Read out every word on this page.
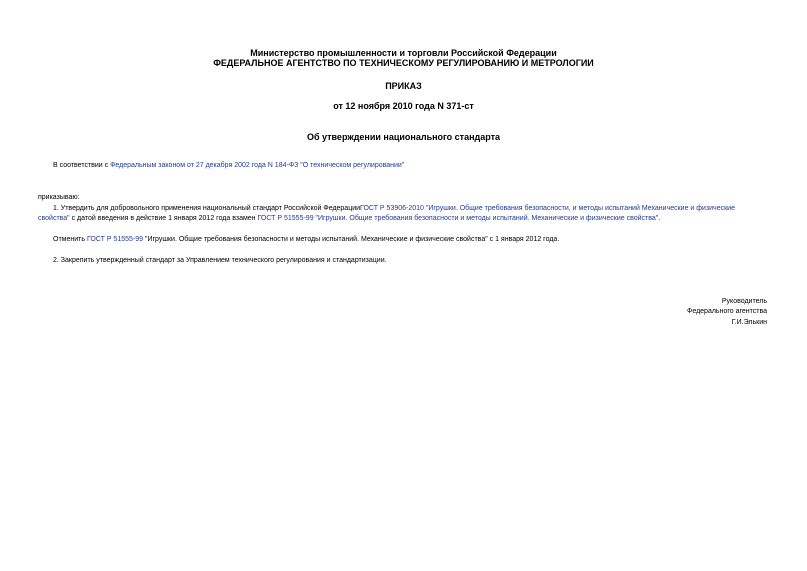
Министерство промышленности и торговли Российской Федерации
ФЕДЕРАЛЬНОЕ АГЕНТСТВО ПО ТЕХНИЧЕСКОМУ РЕГУЛИРОВАНИЮ И МЕТРОЛОГИИ
ПРИКАЗ
от 12 ноября 2010 года N 371-ст
Об утверждении национального стандарта
В соответствии с Федеральным законом от 27 декабря 2002 года N 184-ФЗ "О техническом регулировании"
приказываю:
1. Утвердить для добровольного применения национальный стандарт Российской ФедерацииГОСТ Р 53906-2010 "Игрушки. Общие требования безопасности, и методы испытаний Механические и физические
свойства" с датой введения в действие 1 января 2012 года взамен ГОСТ Р 51555-99 "Игрушки. Общие требования безопасности и методы испытаний. Механические и физические свойства".
Отменить ГОСТ Р 51555-99 "Игрушки. Общие требования безопасности и методы испытаний. Механические и физические свойства" с 1 января 2012 года.
2. Закрепить утвержденный стандарт за Управлением технического регулирования и стандартизации.
Руководитель
Федерального агентства
Г.И.Элькин
